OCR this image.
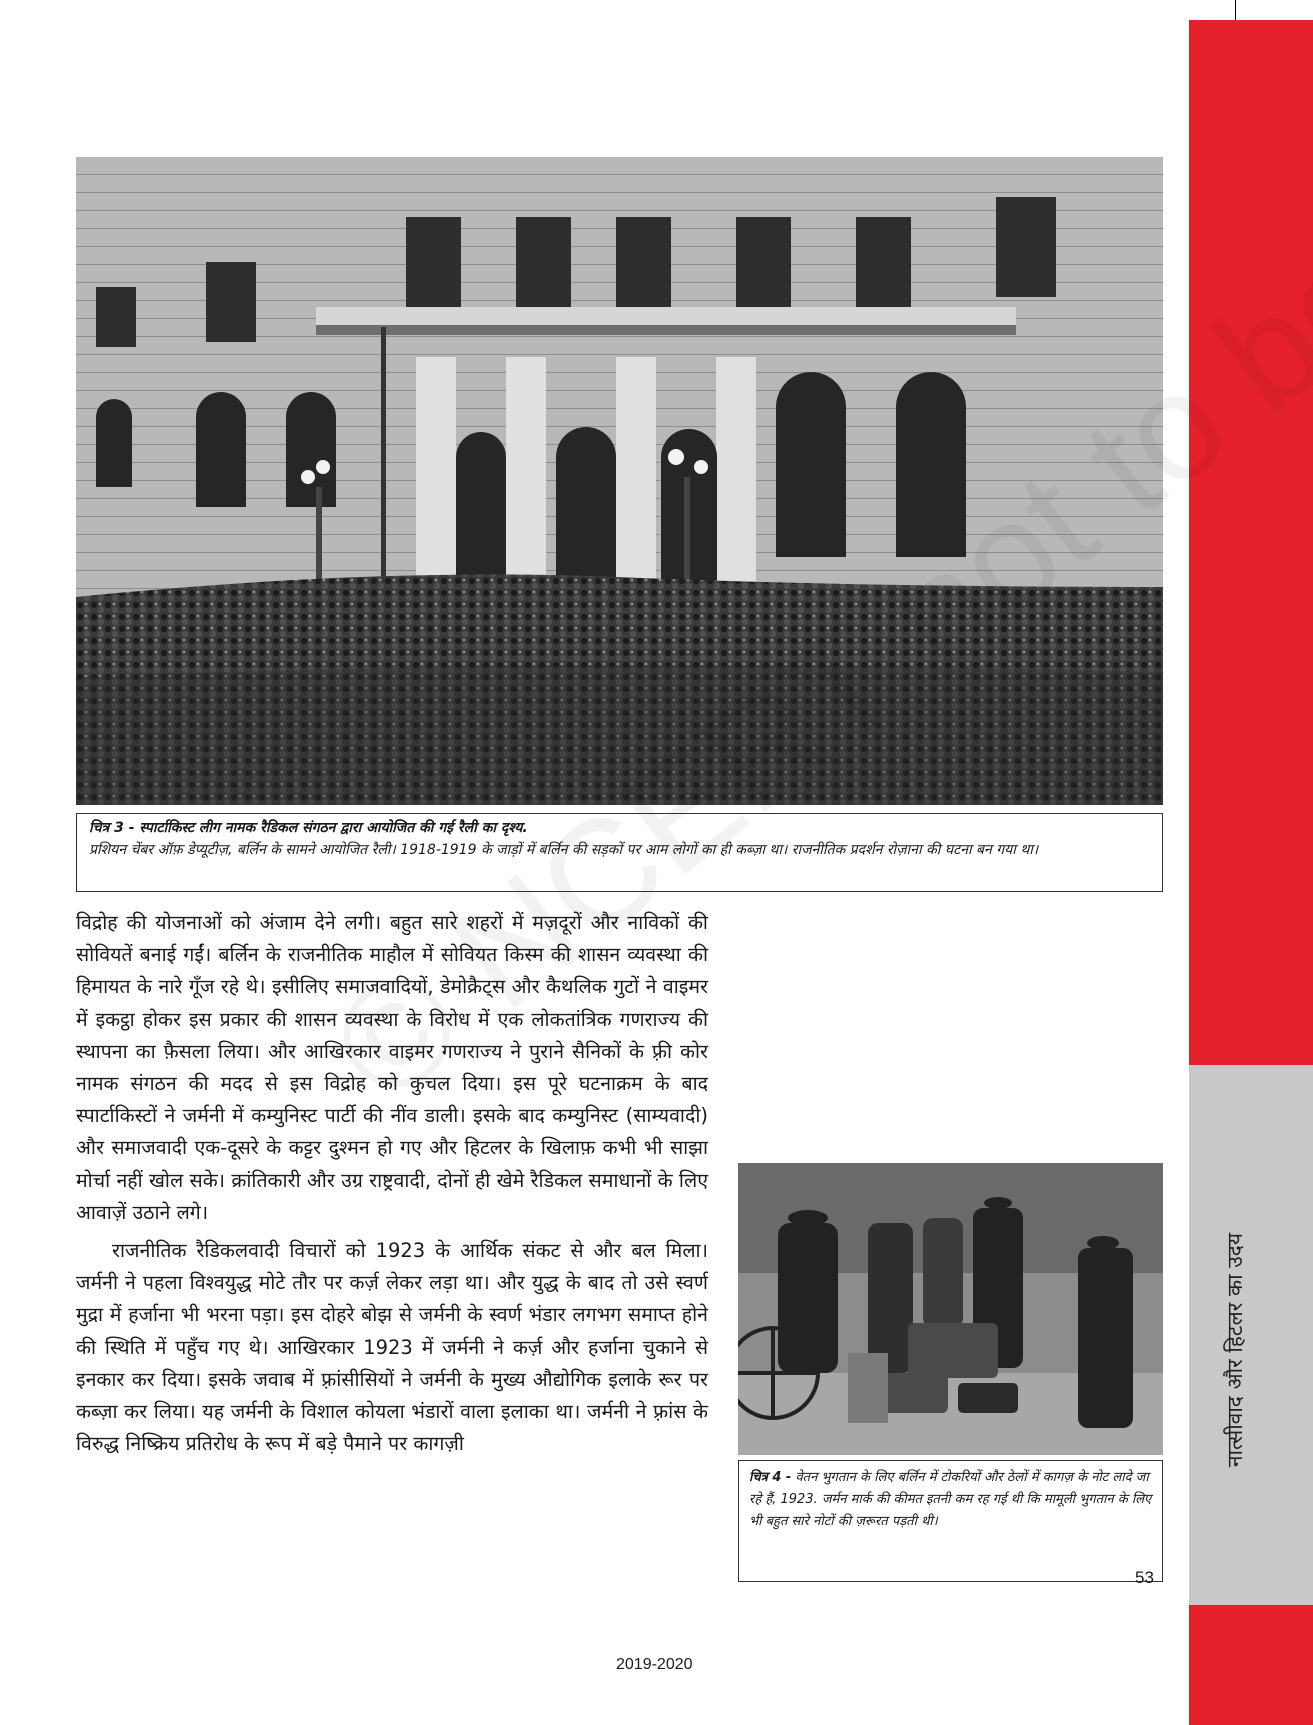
नात्सीवाद और हिटलर का उदय
चित्र 3 - स्पार्टाकिस्ट लीग नामक रैडिकल संगठन द्वारा आयोजित की गई रैली का दृश्य.
प्रशियन चेंबर ऑफ़ डेप्यूटीज़, बर्लिन के सामने आयोजित रैली। 1918-1919 के जाड़ों में बर्लिन की सड़कों पर आम लोगों का ही कब्ज़ा था। राजनीतिक प्रदर्शन रोज़ाना की घटना बन गया था।

विद्रोह की योजनाओं को अंजाम देने लगी। बहुत सारे शहरों में मज़दूरों और नाविकों की सोवियतें बनाई गईं। बर्लिन के राजनीतिक माहौल में सोवियत किस्म की शासन व्यवस्था की हिमायत के नारे गूँज रहे थे। इसीलिए समाजवादियों, डेमोक्रैट्स और कैथलिक गुटों ने वाइमर में इकट्ठा होकर इस प्रकार की शासन व्यवस्था के विरोध में एक लोकतांत्रिक गणराज्य की स्थापना का फ़ैसला लिया। और आखिरकार वाइमर गणराज्य ने पुराने सैनिकों के फ़्री कोर नामक संगठन की मदद से इस विद्रोह को कुचल दिया। इस पूरे घटनाक्रम के बाद स्पार्टाकिस्टों ने जर्मनी में कम्युनिस्ट पार्टी की नींव डाली। इसके बाद कम्युनिस्ट (साम्यवादी) और समाजवादी एक-दूसरे के कट्टर दुश्मन हो गए और हिटलर के खिलाफ़ कभी भी साझा मोर्चा नहीं खोल सके। क्रांतिकारी और उग्र राष्ट्रवादी, दोनों ही खेमे रैडिकल समाधानों के लिए आवाज़ें उठाने लगे।

राजनीतिक रैडिकलवादी विचारों को 1923 के आर्थिक संकट से और बल मिला। जर्मनी ने पहला विश्वयुद्ध मोटे तौर पर कर्ज़ लेकर लड़ा था। और युद्ध के बाद तो उसे स्वर्ण मुद्रा में हर्जाना भी भरना पड़ा। इस दोहरे बोझ से जर्मनी के स्वर्ण भंडार लगभग समाप्त होने की स्थिति में पहुँच गए थे। आखिरकार 1923 में जर्मनी ने कर्ज़ और हर्जाना चुकाने से इनकार कर दिया। इसके जवाब में फ़्रांसीसियों ने जर्मनी के मुख्य औद्योगिक इलाके रूर पर कब्ज़ा कर लिया। यह जर्मनी के विशाल कोयला भंडारों वाला इलाका था। जर्मनी ने फ़्रांस के विरुद्ध निष्क्रिय प्रतिरोध के रूप में बड़े पैमाने पर कागज़ी

चित्र 4 - वेतन भुगतान के लिए बर्लिन में टोकरियों और ठेलों में कागज़ के नोट लादे जा रहे हैं, 1923. जर्मन मार्क की कीमत इतनी कम रह गई थी कि मामूली भुगतान के लिए भी बहुत सारे नोटों की ज़रूरत पड़ती थी।
53
2019-2020
© NCERT not to be
